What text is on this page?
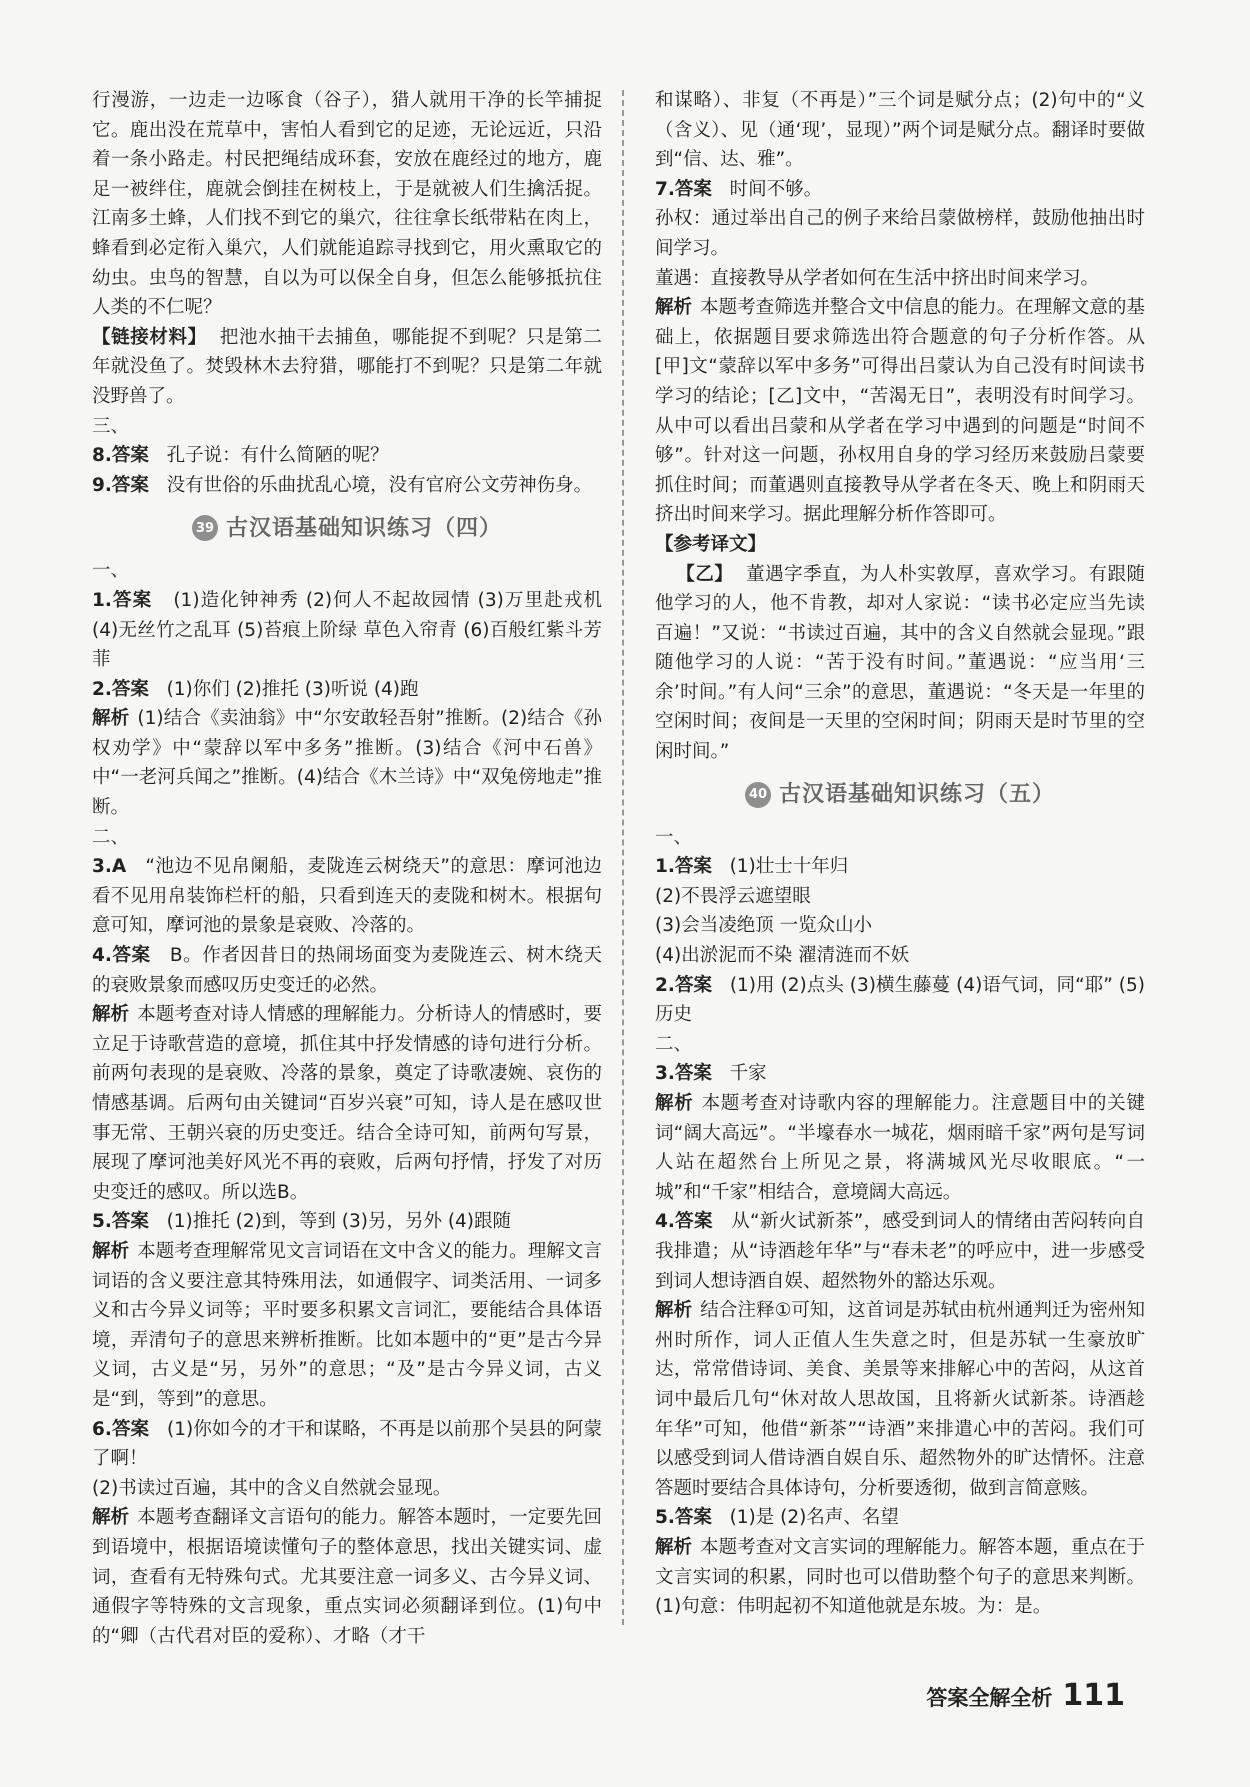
行漫游，一边走一边啄食（谷子），猎人就用干净的长竿捕捉它。鹿出没在荒草中，害怕人看到它的足迹，无论远近，只沿着一条小路走。村民把绳结成环套，安放在鹿经过的地方，鹿足一被绊住，鹿就会倒挂在树枝上，于是就被人们生擒活捉。江南多土蜂，人们找不到它的巢穴，往往拿长纸带粘在肉上，蜂看到必定衔入巢穴，人们就能追踪寻找到它，用火熏取它的幼虫。虫鸟的智慧，自以为可以保全自身，但怎么能够抵抗住人类的不仁呢？

【链接材料】 把池水抽干去捕鱼，哪能捉不到呢？只是第二年就没鱼了。焚毁林木去狩猎，哪能打不到呢？只是第二年就没野兽了。

三、

8.答案 孔子说：有什么简陋的呢？

9.答案 没有世俗的乐曲扰乱心境，没有官府公文劳神伤身。

39 古汉语基础知识练习（四）

一、

1.答案 (1)造化钟神秀 (2)何人不起故园情 (3)万里赴戎机 (4)无丝竹之乱耳 (5)苔痕上阶绿 草色入帘青 (6)百般红紫斗芳菲

2.答案 (1)你们 (2)推托 (3)听说 (4)跑

解析 (1)结合《卖油翁》中“尔安敢轻吾射”推断。(2)结合《孙权劝学》中“蒙辞以军中多务”推断。(3)结合《河中石兽》中“一老河兵闻之”推断。(4)结合《木兰诗》中“双兔傍地走”推断。

二、

3.A “池边不见帛阑船，麦陇连云树绕天”的意思：摩诃池边看不见用帛装饰栏杆的船，只看到连天的麦陇和树木。根据句意可知，摩诃池的景象是衰败、冷落的。

4.答案 B。作者因昔日的热闹场面变为麦陇连云、树木绕天的衰败景象而感叹历史变迁的必然。

解析 本题考查对诗人情感的理解能力。分析诗人的情感时，要立足于诗歌营造的意境，抓住其中抒发情感的诗句进行分析。前两句表现的是衰败、冷落的景象，奠定了诗歌凄婉、哀伤的情感基调。后两句由关键词“百岁兴衰”可知，诗人是在感叹世事无常、王朝兴衰的历史变迁。结合全诗可知，前两句写景，展现了摩诃池美好风光不再的衰败，后两句抒情，抒发了对历史变迁的感叹。所以选B。

5.答案 (1)推托 (2)到，等到 (3)另，另外 (4)跟随

解析 本题考查理解常见文言词语在文中含义的能力。理解文言词语的含义要注意其特殊用法，如通假字、词类活用、一词多义和古今异义词等；平时要多积累文言词汇，要能结合具体语境，弄清句子的意思来辨析推断。比如本题中的“更”是古今异义词，古义是“另，另外”的意思；“及”是古今异义词，古义是“到，等到”的意思。

6.答案 (1)你如今的才干和谋略，不再是以前那个吴县的阿蒙了啊！

(2)书读过百遍，其中的含义自然就会显现。

解析 本题考查翻译文言语句的能力。解答本题时，一定要先回到语境中，根据语境读懂句子的整体意思，找出关键实词、虚词，查看有无特殊句式。尤其要注意一词多义、古今异义词、通假字等特殊的文言现象，重点实词必须翻译到位。(1)句中的“卿（古代君对臣的爱称）、才略（才干

和谋略）、非复（不再是）”三个词是赋分点；(2)句中的“义（含义）、见（通‘现’，显现）”两个词是赋分点。翻译时要做到“信、达、雅”。

7.答案 时间不够。

孙权：通过举出自己的例子来给吕蒙做榜样，鼓励他抽出时间学习。

董遇：直接教导从学者如何在生活中挤出时间来学习。

解析 本题考查筛选并整合文中信息的能力。在理解文意的基础上，依据题目要求筛选出符合题意的句子分析作答。从[甲]文“蒙辞以军中多务”可得出吕蒙认为自己没有时间读书学习的结论；[乙]文中，“苦渴无日”，表明没有时间学习。从中可以看出吕蒙和从学者在学习中遇到的问题是“时间不够”。针对这一问题，孙权用自身的学习经历来鼓励吕蒙要抓住时间；而董遇则直接教导从学者在冬天、晚上和阴雨天挤出时间来学习。据此理解分析作答即可。

【参考译文】

【乙】 董遇字季直，为人朴实敦厚，喜欢学习。有跟随他学习的人，他不肯教，却对人家说：“读书必定应当先读百遍！”又说：“书读过百遍，其中的含义自然就会显现。”跟随他学习的人说：“苦于没有时间。”董遇说：“应当用‘三余’时间。”有人问“三余”的意思，董遇说：“冬天是一年里的空闲时间；夜间是一天里的空闲时间；阴雨天是时节里的空闲时间。”

40 古汉语基础知识练习（五）

一、

1.答案 (1)壮士十年归

(2)不畏浮云遮望眼

(3)会当凌绝顶 一览众山小

(4)出淤泥而不染 濯清涟而不妖

2.答案 (1)用 (2)点头 (3)横生藤蔓 (4)语气词，同“耶” (5)历史

二、

3.答案 千家

解析 本题考查对诗歌内容的理解能力。注意题目中的关键词“阔大高远”。“半壕春水一城花，烟雨暗千家”两句是写词人站在超然台上所见之景，将满城风光尽收眼底。“一城”和“千家”相结合，意境阔大高远。

4.答案 从“新火试新茶”，感受到词人的情绪由苦闷转向自我排遣；从“诗酒趁年华”与“春未老”的呼应中，进一步感受到词人想诗酒自娱、超然物外的豁达乐观。

解析 结合注释①可知，这首词是苏轼由杭州通判迁为密州知州时所作，词人正值人生失意之时，但是苏轼一生豪放旷达，常常借诗词、美食、美景等来排解心中的苦闷，从这首词中最后几句“休对故人思故国，且将新火试新茶。诗酒趁年华”可知，他借“新茶”“诗酒”来排遣心中的苦闷。我们可以感受到词人借诗酒自娱自乐、超然物外的旷达情怀。注意答题时要结合具体诗句，分析要透彻，做到言简意赅。

5.答案 (1)是 (2)名声、名望

解析 本题考查对文言实词的理解能力。解答本题，重点在于文言实词的积累，同时也可以借助整个句子的意思来判断。(1)句意：伟明起初不知道他就是东坡。为：是。

答案全解全析 111
